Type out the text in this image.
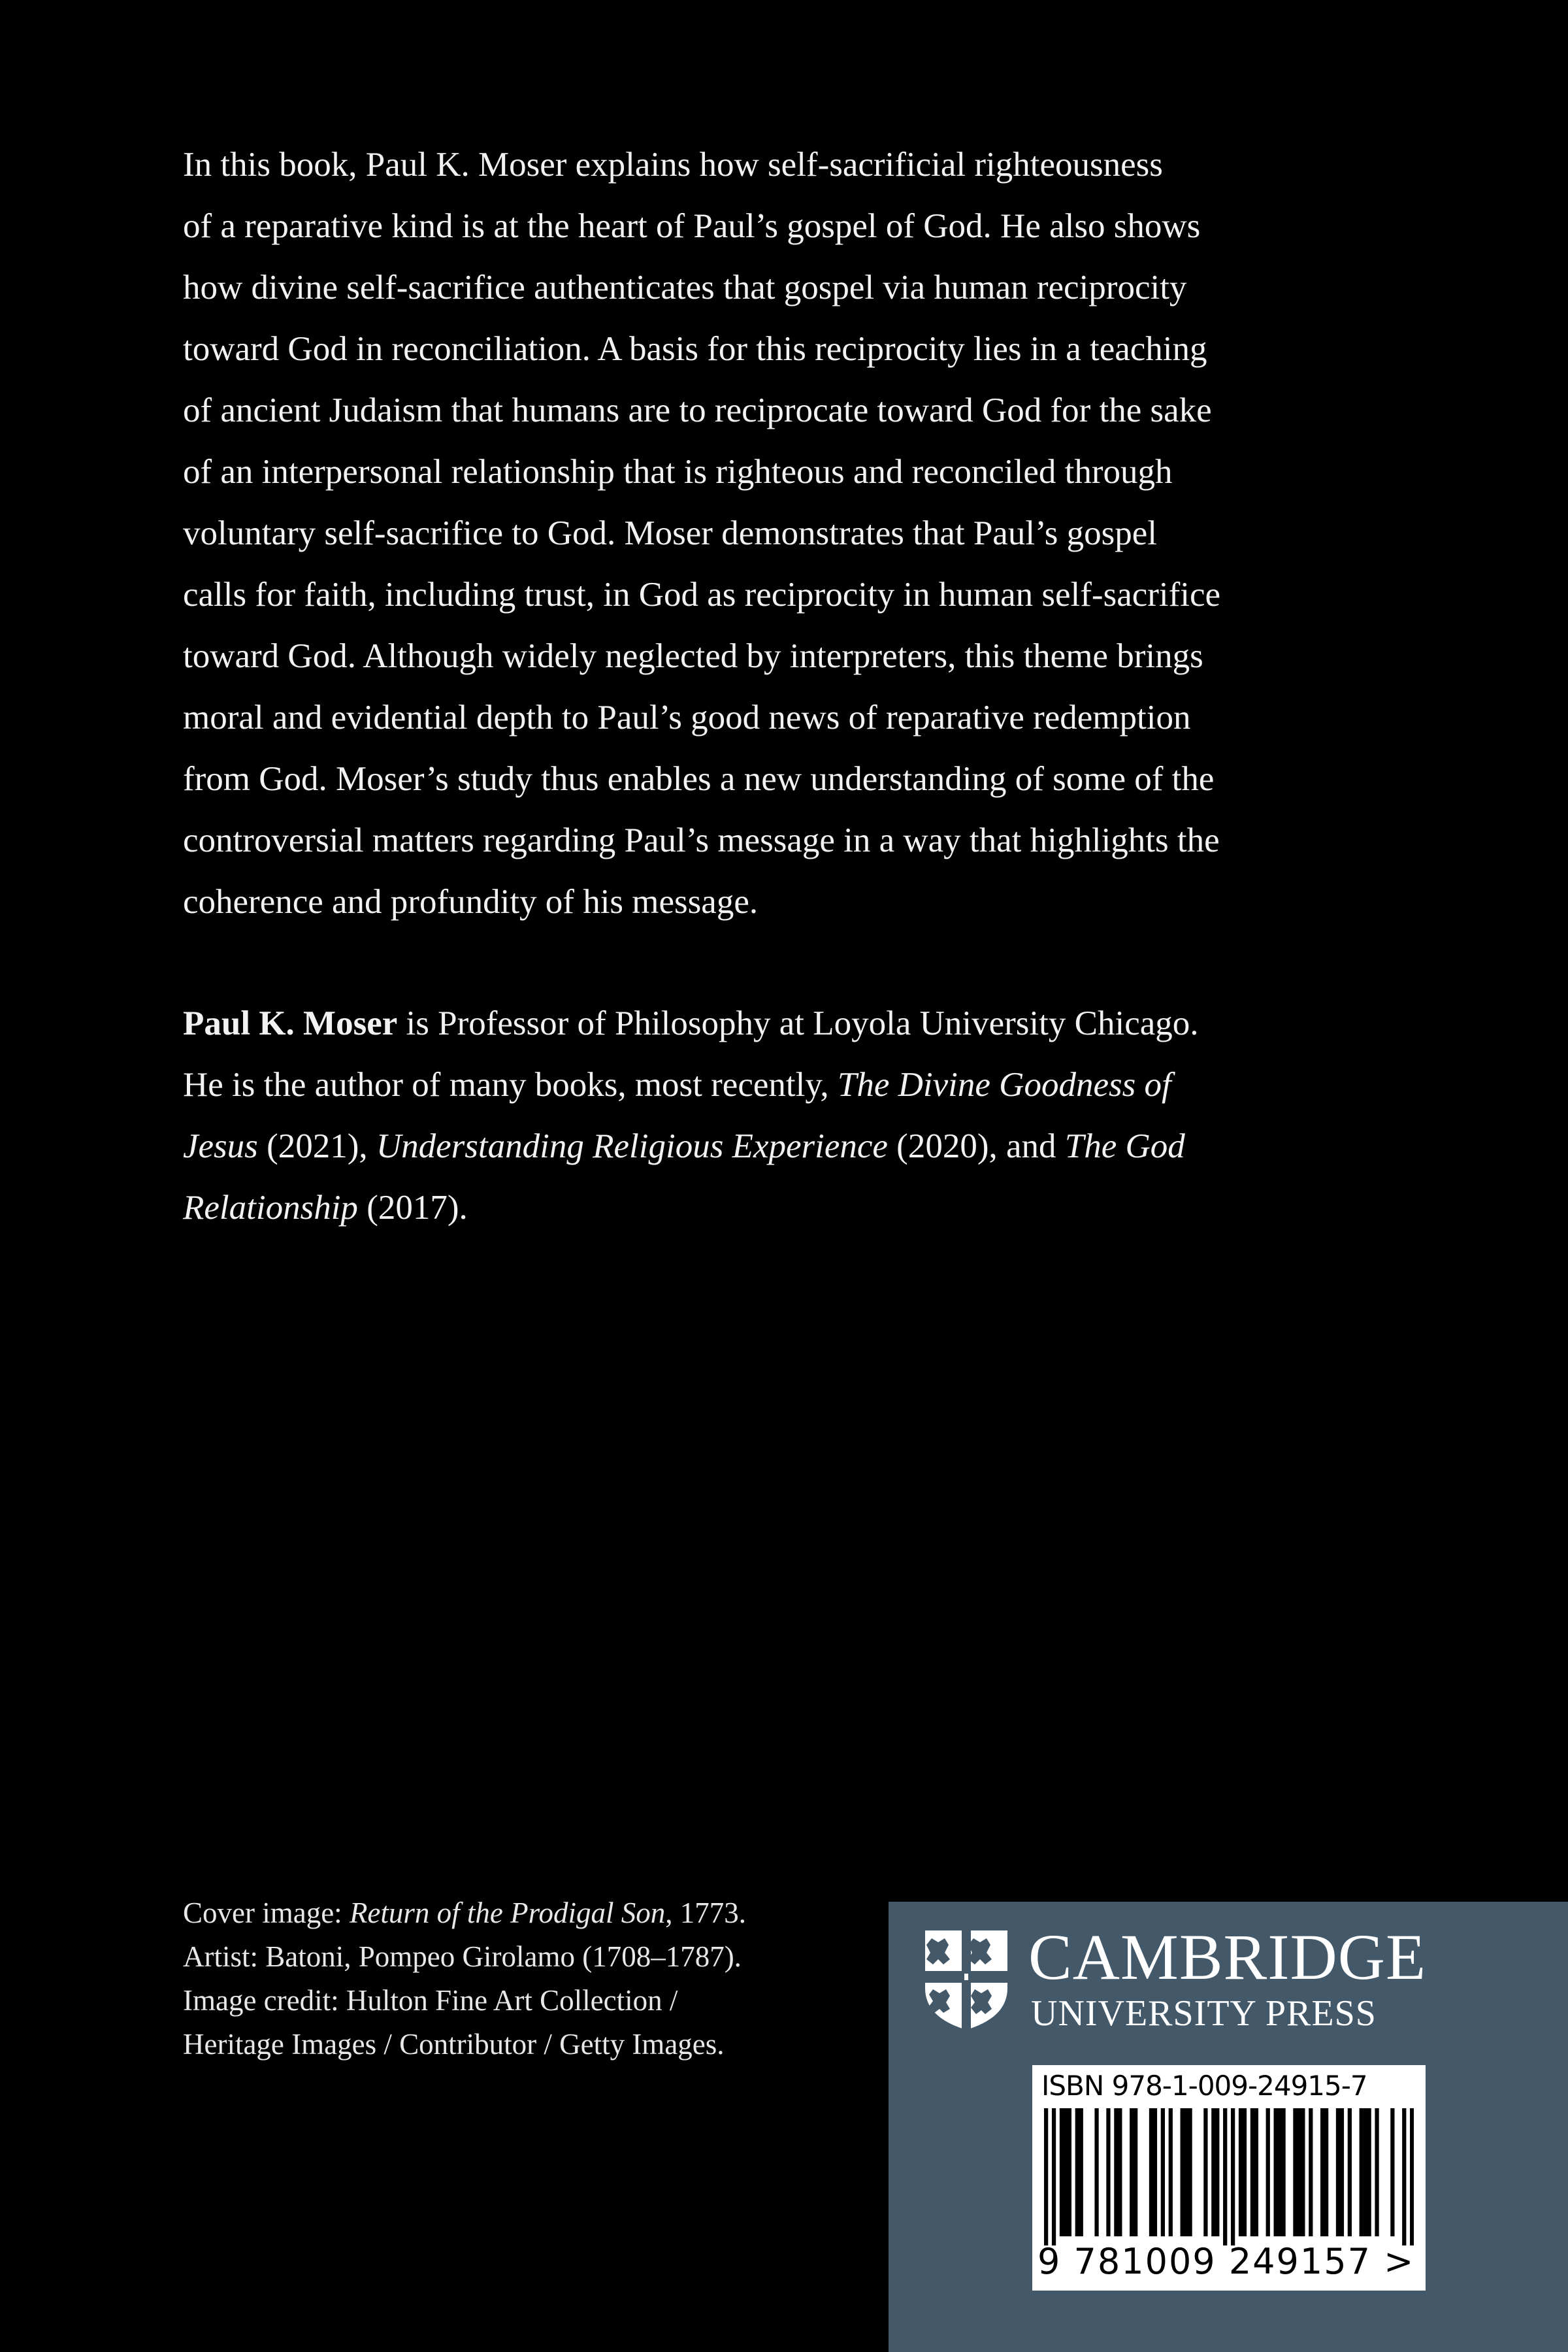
In this book, Paul K. Moser explains how self-sacrificial righteousness
of a reparative kind is at the heart of Paul’s gospel of God. He also shows
how divine self-sacrifice authenticates that gospel via human reciprocity
toward God in reconciliation. A basis for this reciprocity lies in a teaching
of ancient Judaism that humans are to reciprocate toward God for the sake
of an interpersonal relationship that is righteous and reconciled through
voluntary self-sacrifice to God. Moser demonstrates that Paul’s gospel
calls for faith, including trust, in God as reciprocity in human self-sacrifice
toward God. Although widely neglected by interpreters, this theme brings
moral and evidential depth to Paul’s good news of reparative redemption
from God. Moser’s study thus enables a new understanding of some of the
controversial matters regarding Paul’s message in a way that highlights the
coherence and profundity of his message.
Paul K. Moser is Professor of Philosophy at Loyola University Chicago.
He is the author of many books, most recently, The Divine Goodness of
Jesus (2021), Understanding Religious Experience (2020), and The God
Relationship (2017).
Cover image: Return of the Prodigal Son, 1773.
Artist: Batoni, Pompeo Girolamo (1708–1787).
Image credit: Hulton Fine Art Collection /
Heritage Images / Contributor / Getty Images.
CAMBRIDGE
UNIVERSITY PRESS
ISBN 978-1-009-24915-7
9 781009 249157 >
